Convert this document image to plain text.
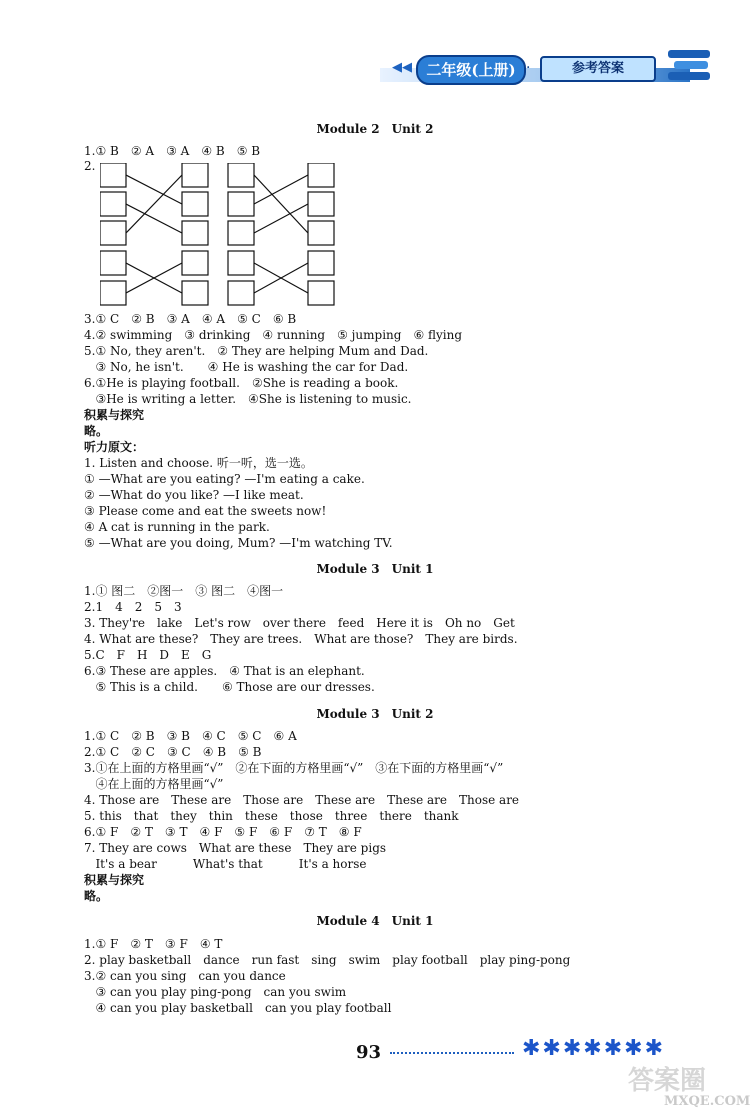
◀◀ 二年级(上册) ·	参考答案
Module 2　Unit 2
1.① B　② A　③ A　④ B　⑤ B
2.
3.① C　② B　③ A　④ A　⑤ C　⑥ B
4.② swimming　③ drinking　④ running　⑤ jumping　⑥ flying
5.① No, they aren't.　② They are helping Mum and Dad.
③ No, he isn't.　　④ He is washing the car for Dad.
6.①He is playing football.　②She is reading a book.
③He is writing a letter.　④She is listening to music.
积累与探究
略。
听力原文：
1. Listen and choose. 听一听，选一选。
① —What are you eating? —I'm eating a cake.
② —What do you like? —I like meat.
③ Please come and eat the sweets now!
④ A cat is running in the park.
⑤ —What are you doing, Mum? —I'm watching TV.
Module 3　Unit 1
1.① 图二　②图一　③ 图二　④图一
2.1　4　2　5　3
3. They're　lake　Let's row　over there　feed　Here it is　Oh no　Get
4. What are these?　They are trees.　What are those?　They are birds.
5.C　F　H　D　E　G
6.③ These are apples.　④ That is an elephant.
⑤ This is a child.　　⑥ Those are our dresses.
Module 3　Unit 2
1.① C　② B　③ B　④ C　⑤ C　⑥ A
2.① C　② C　③ C　④ B　⑤ B
3.①在上面的方格里画“√”　②在下面的方格里画“√”　③在下面的方格里画“√”
④在上面的方格里画“√”
4. Those are　These are　Those are　These are　These are　Those are
5. this　that　they　thin　these　those　three　there　thank
6.① F　② T　③ T　④ F　⑤ F　⑥ F　⑦ T　⑧ F
7. They are cows　What are these　They are pigs
It's a bear　　　What's that　　　It's a horse
积累与探究
略。
Module 4　Unit 1
1.① F　② T　③ F　④ T
2. play basketball　dance　run fast　sing　swim　play football　play ping-pong
3.② can you sing　can you dance
③ can you play ping-pong　can you swim
④ can you play basketball　can you play football
93	✱✱✱✱✱✱✱
答案圈
MXQE.COM
